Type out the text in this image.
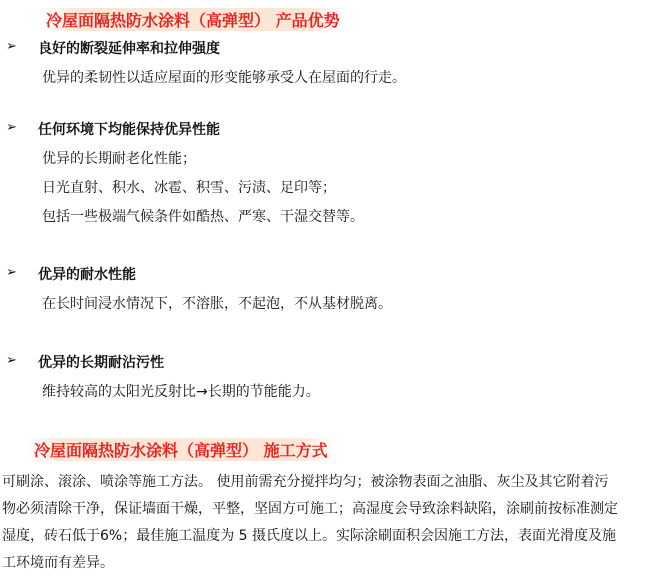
冷屋面隔热防水涂料（高弹型） 产品优势
➢ 良好的断裂延伸率和拉伸强度
优异的柔韧性以适应屋面的形变能够承受人在屋面的行走。
➢ 任何环境下均能保持优异性能
优异的长期耐老化性能；
日光直射、积水、冰雹、积雪、污渍、足印等；
包括一些极端气候条件如酷热、严寒、干湿交替等。
➢ 优异的耐水性能
在长时间浸水情况下，不溶胀，不起泡，不从基材脱离。
➢ 优异的长期耐沾污性
维持较高的太阳光反射比→长期的节能能力。
冷屋面隔热防水涂料（高弹型） 施工方式

可刷涂、滚涂、喷涂等施工方法。 使用前需充分搅拌均匀；被涂物表面之油脂、灰尘及其它附着污物必须清除干净，保证墙面干燥，平整，坚固方可施工；高湿度会导致涂料缺陷，涂刷前按标准测定湿度，砖石低于6%；最佳施工温度为 5 摄氏度以上。实际涂刷面积会因施工方法，表面光滑度及施工环境而有差异。
